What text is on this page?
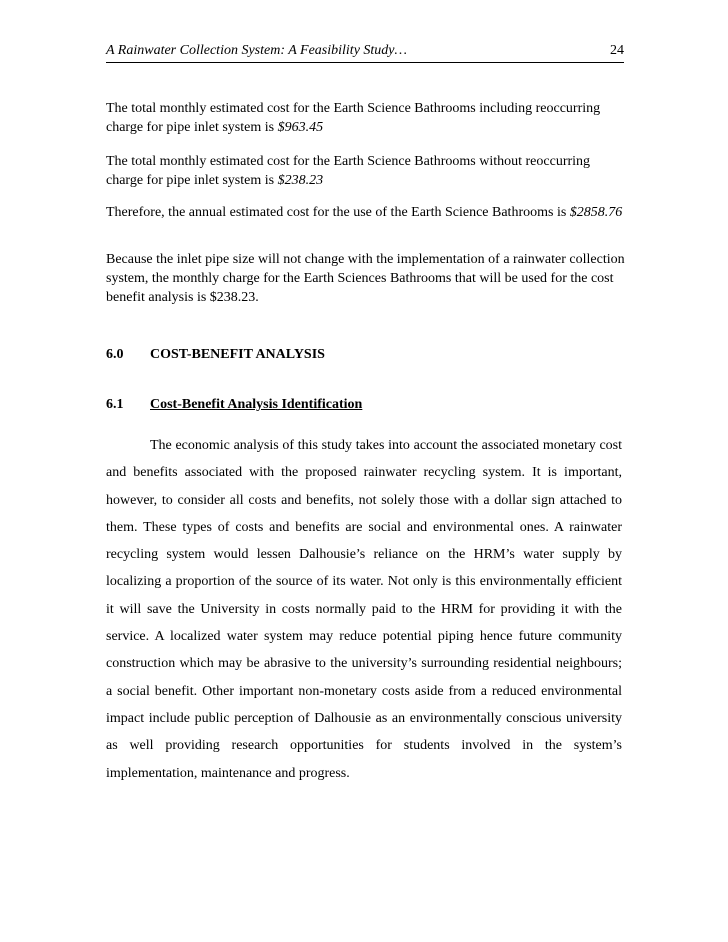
A Rainwater Collection System: A Feasibility Study…	24

The total monthly estimated cost for the Earth Science Bathrooms including reoccurring charge for pipe inlet system is $963.45

The total monthly estimated cost for the Earth Science Bathrooms without reoccurring charge for pipe inlet system is $238.23

Therefore, the annual estimated cost for the use of the Earth Science Bathrooms is $2858.76

Because the inlet pipe size will not change with the implementation of a rainwater collection system, the monthly charge for the Earth Sciences Bathrooms that will be used for the cost benefit analysis is $238.23.

6.0 COST-BENEFIT ANALYSIS
6.1 Cost-Benefit Analysis Identification

The economic analysis of this study takes into account the associated monetary cost and benefits associated with the proposed rainwater recycling system. It is important, however, to consider all costs and benefits, not solely those with a dollar sign attached to them. These types of costs and benefits are social and environmental ones. A rainwater recycling system would lessen Dalhousie’s reliance on the HRM’s water supply by localizing a proportion of the source of its water. Not only is this environmentally efficient it will save the University in costs normally paid to the HRM for providing it with the service. A localized water system may reduce potential piping hence future community construction which may be abrasive to the university’s surrounding residential neighbours; a social benefit. Other important non-monetary costs aside from a reduced environmental impact include public perception of Dalhousie as an environmentally conscious university as well providing research opportunities for students involved in the system’s implementation, maintenance and progress.
